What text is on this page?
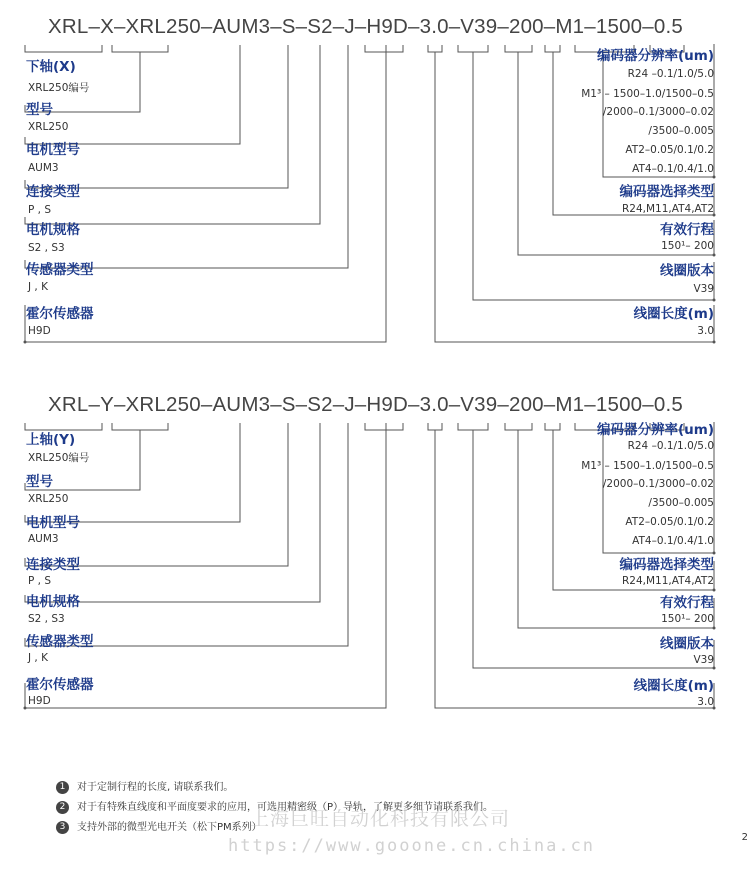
XRL–X–XRL250–AUM3–S–S2–J–H9D–3.0–V39–200–M1–1500–0.5
下轴(X)
XRL250编号
型号
XRL250
电机型号
AUM3
连接类型
P , S
电机规格
S2 , S3
传感器类型
J , K
霍尔传感器
H9D
编码器分辨率(um)
R24 –0.1/1.0/5.0
M1³ – 1500–1.0/1500–0.5
/2000–0.1/3000–0.02
/3500–0.005
AT2–0.05/0.1/0.2
AT4–0.1/0.4/1.0
编码器选择类型
R24,M11,AT4,AT2
有效行程
150¹– 200
线圈版本
V39
线圈长度(m)
3.0
XRL–Y–XRL250–AUM3–S–S2–J–H9D–3.0–V39–200–M1–1500–0.5
上轴(Y)
XRL250编号
型号
XRL250
电机型号
AUM3
连接类型
P , S
电机规格
S2 , S3
传感器类型
J , K
霍尔传感器
H9D
编码器分辨率(um)
R24 –0.1/1.0/5.0
M1³ – 1500–1.0/1500–0.5
/2000–0.1/3000–0.02
/3500–0.005
AT2–0.05/0.1/0.2
AT4–0.1/0.4/1.0
编码器选择类型
R24,M11,AT4,AT2
有效行程
150¹– 200
线圈版本
V39
线圈长度(m)
3.0
1 对于定制行程的长度, 请联系我们。
2 对于有特殊直线度和平面度要求的应用，可选用精密级（P）导轨，了解更多细节请联系我们。
3 支持外部的微型光电开关（松下PM系列）
上海巨旺自动化科技有限公司
https://www.gooone.cn.china.cn	2
